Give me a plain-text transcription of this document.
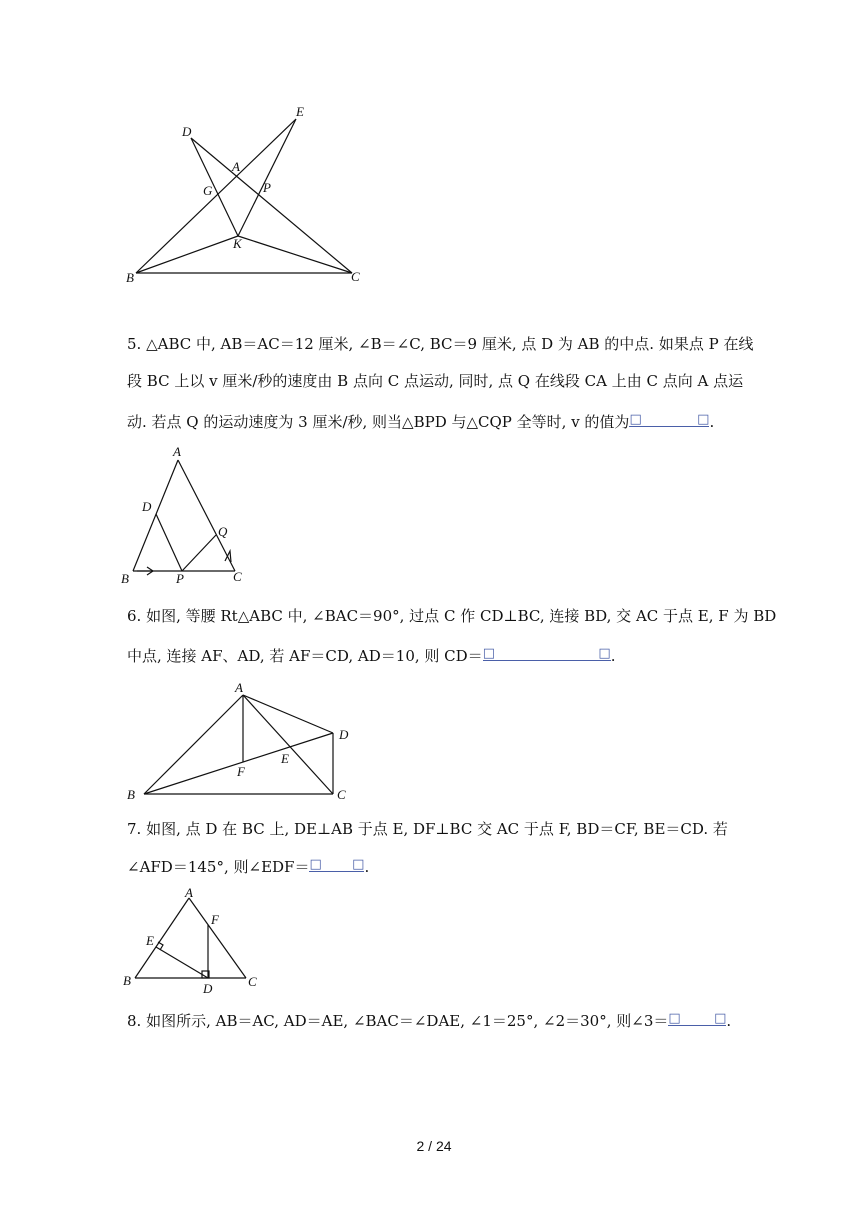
D
E
A
G	P
K
B	C
5. △ABC 中, AB＝AC＝12 厘米, ∠B＝∠C, BC＝9 厘米, 点 D 为 AB 的中点. 如果点 P 在线
段 BC 上以 v 厘米/秒的速度由 B 点向 C 点运动, 同时, 点 Q 在线段 CA 上由 C 点向 A 点运
动. 若点 Q 的运动速度为 3 厘米/秒, 则当△BPD 与△CQP 全等时, v 的值为 □	□ .
A
D
Q
B	P	C
6. 如图, 等腰 Rt△ABC 中, ∠BAC＝90°, 过点 C 作 CD⊥BC, 连接 BD, 交 AC 于点 E, F 为 BD
中点, 连接 AF、AD, 若 AF＝CD, AD＝10, 则 CD＝ □	□ .
A
D
F
E
B	C
7. 如图, 点 D 在 BC 上, DE⊥AB 于点 E, DF⊥BC 交 AC 于点 F, BD＝CF, BE＝CD. 若
∠AFD＝145°, 则∠EDF＝ □ □ .
A
F
E
B
D	C
8. 如图所示, AB＝AC, AD＝AE, ∠BAC＝∠DAE, ∠1＝25°, ∠2＝30°, 则∠3＝ □	□ .
2 / 24
